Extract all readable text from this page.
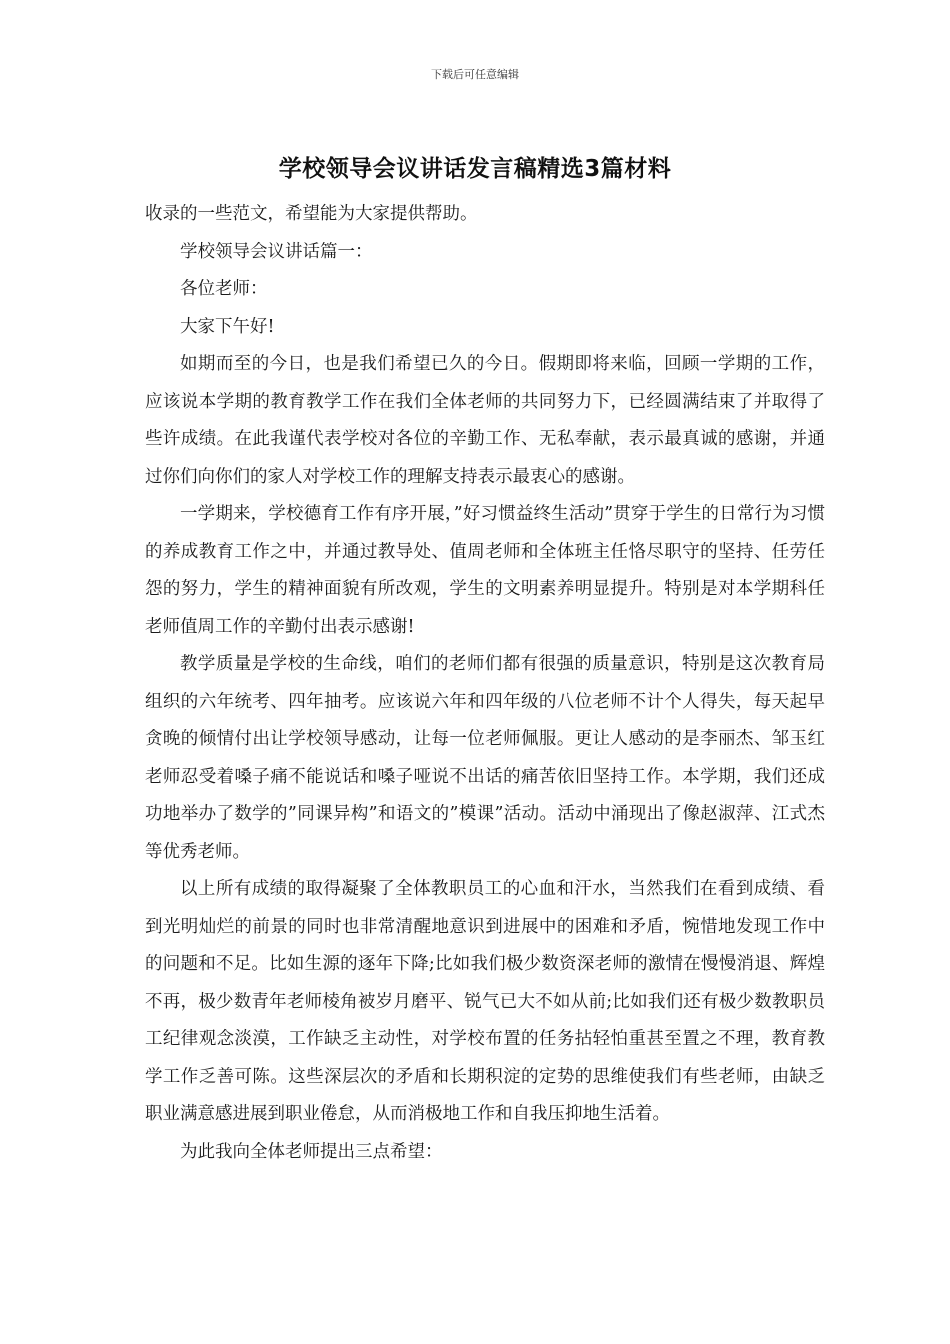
下载后可任意编辑
学校领导会议讲话发言稿精选3篇材料

收录的一些范文，希望能为大家提供帮助。

学校领导会议讲话篇一：

各位老师：

大家下午好!

如期而至的今日，也是我们希望已久的今日。假期即将来临，回顾一学期的工作，应该说本学期的教育教学工作在我们全体老师的共同努力下，已经圆满结束了并取得了些许成绩。在此我谨代表学校对各位的辛勤工作、无私奉献，表示最真诚的感谢，并通过你们向你们的家人对学校工作的理解支持表示最衷心的感谢。

一学期来，学校德育工作有序开展，”好习惯益终生活动”贯穿于学生的日常行为习惯的养成教育工作之中，并通过教导处、值周老师和全体班主任恪尽职守的坚持、任劳任怨的努力，学生的精神面貌有所改观，学生的文明素养明显提升。特别是对本学期科任老师值周工作的辛勤付出表示感谢!

教学质量是学校的生命线，咱们的老师们都有很强的质量意识，特别是这次教育局组织的六年统考、四年抽考。应该说六年和四年级的八位老师不计个人得失，每天起早贪晚的倾情付出让学校领导感动，让每一位老师佩服。更让人感动的是李丽杰、邹玉红老师忍受着嗓子痛不能说话和嗓子哑说不出话的痛苦依旧坚持工作。本学期，我们还成功地举办了数学的”同课异构”和语文的”模课”活动。活动中涌现出了像赵淑萍、江式杰等优秀老师。

以上所有成绩的取得凝聚了全体教职员工的心血和汗水，当然我们在看到成绩、看到光明灿烂的前景的同时也非常清醒地意识到进展中的困难和矛盾，惋惜地发现工作中的问题和不足。比如生源的逐年下降;比如我们极少数资深老师的激情在慢慢消退、辉煌不再，极少数青年老师棱角被岁月磨平、锐气已大不如从前;比如我们还有极少数教职员工纪律观念淡漠，工作缺乏主动性，对学校布置的任务拈轻怕重甚至置之不理，教育教学工作乏善可陈。这些深层次的矛盾和长期积淀的定势的思维使我们有些老师，由缺乏职业满意感进展到职业倦怠，从而消极地工作和自我压抑地生活着。

为此我向全体老师提出三点希望：
